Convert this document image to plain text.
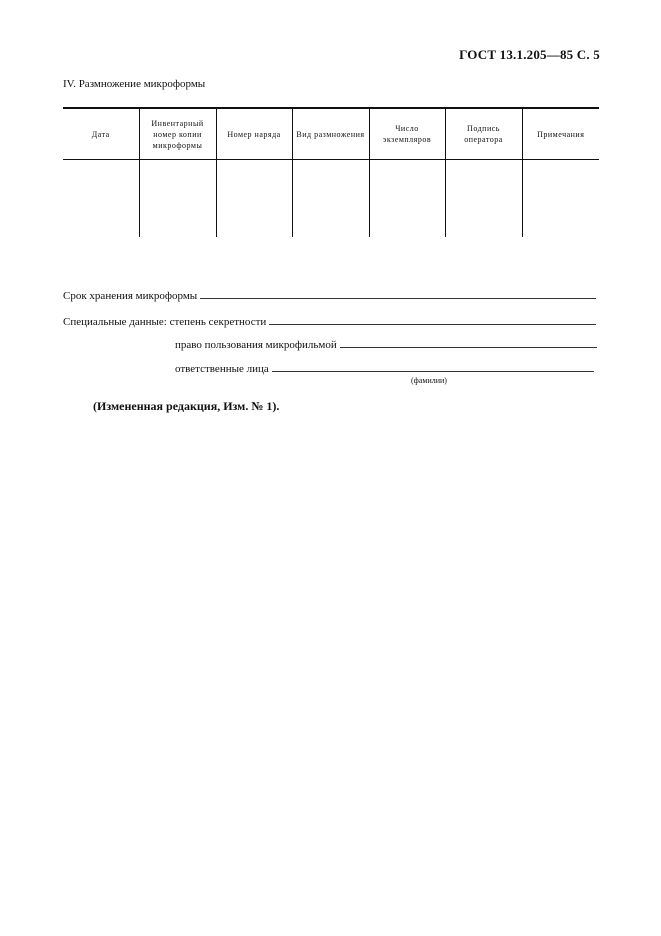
ГОСТ 13.1.205—85 С. 5
IV. Размножение микроформы
Дата	Инвентарный номер копии микроформы	Номер наряда	Вид размножения	Число экземпляров	Подпись оператора	Примечания

Срок хранения микроформы
Специальные данные: степень секретности
право пользования микрофильмой
ответственные лица
(фамилии)
(Измененная редакция, Изм. № 1).
